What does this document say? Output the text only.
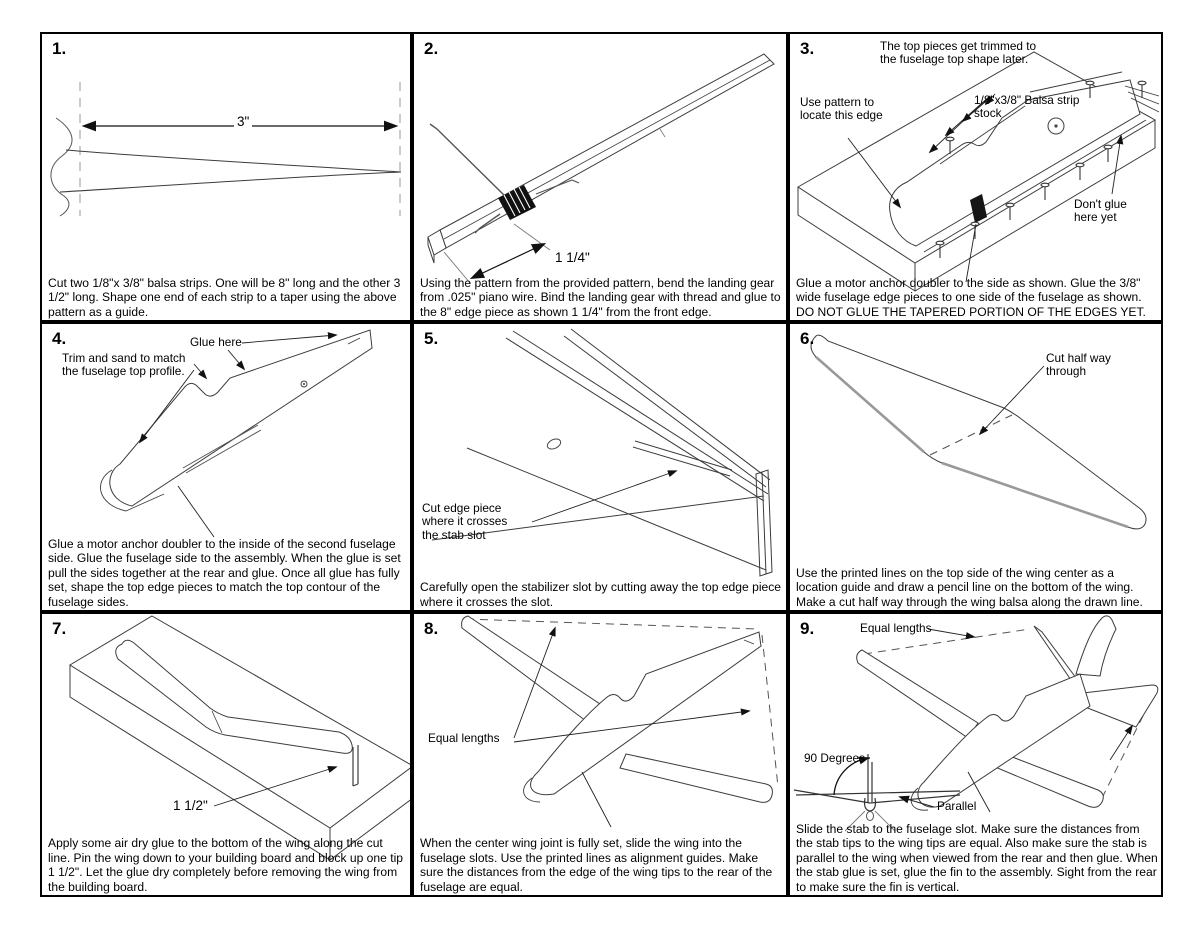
1.
3"

Cut two 1/8"x 3/8" balsa strips. One will be 8" long and the other 3 1/2" long. Shape one end of each strip to a taper using the above pattern as a guide.

2.
1 1/4"

Using the pattern from the provided pattern, bend the landing gear from .025" piano wire. Bind the landing gear with thread and glue to the 8" edge piece as shown 1 1/4" from the front edge.

3.	The top pieces get trimmed to the fuselage top shape later.
1/8"x3/8" Balsa strip stock
Use pattern to locate this edge
Don't glue here yet

Glue a motor anchor doubler to the side as shown. Glue the 3/8" wide fuselage edge pieces to one side of the fuselage as shown. DO NOT GLUE THE TAPERED PORTION OF THE EDGES YET.

4.	Glue here
Trim and sand to match the fuselage top profile.

Glue a motor anchor doubler to the inside of the second fuselage side. Glue the fuselage side to the assembly. When the glue is set pull the sides together at the rear and glue. Once all glue has fully set, shape the top edge pieces to match the top contour of the fuselage sides.

5.
Cut edge piece where it crosses the stab slot

Carefully open the stabilizer slot by cutting away the top edge piece where it crosses the slot.

6.
Cut half way through

Use the printed lines on the top side of the wing center as a location guide and draw a pencil line on the bottom of the wing. Make a cut half way through the wing balsa along the drawn line.

7.
1 1/2"

Apply some air dry glue to the bottom of the wing along the cut line. Pin the wing down to your building board and block up one tip 1 1/2". Let the glue dry completely before removing the wing from the building board.

8.
Equal lengths

When the center wing joint is fully set, slide the wing into the fuselage slots. Use the printed lines as alignment guides. Make sure the distances from the edge of the wing tips to the rear of the fuselage are equal.

9.	Equal lengths
90 Degrees
Parallel

Slide the stab to the fuselage slot. Make sure the distances from the stab tips to the wing tips are equal. Also make sure the stab is parallel to the wing when viewed from the rear and then glue. When the stab glue is set, glue the fin to the assembly. Sight from the rear to make sure the fin is vertical.
